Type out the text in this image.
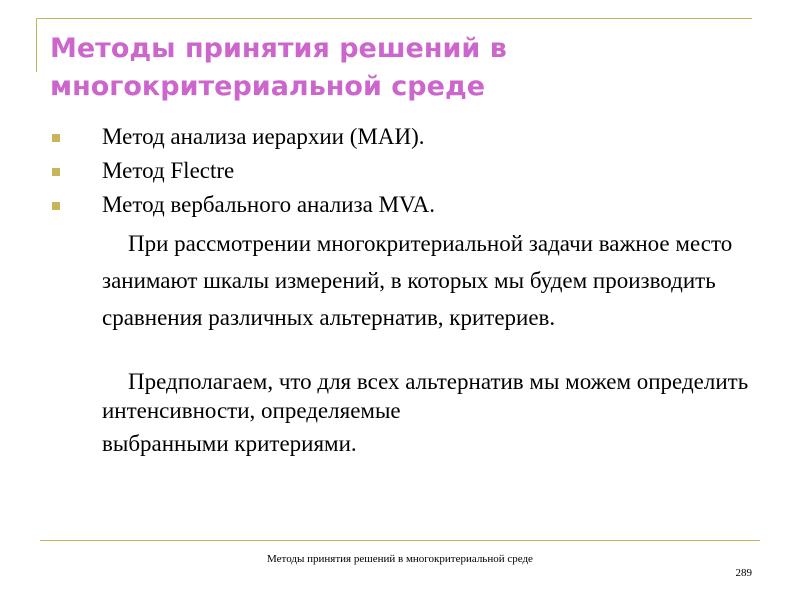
Методы принятия решений в многокритериальной среде
Метод анализа иерархии (МАИ).
Метод Flectre
Метод вербального анализа MVA.

При рассмотрении многокритериальной задачи важное место занимают шкалы измерений, в которых мы будем производить сравнения различных альтернатив, критериев.

Предполагаем, что для всех альтернатив мы можем определить интенсивности, определяемые
выбранными критериями.

Методы принятия решений в многокритериальной среде

289
